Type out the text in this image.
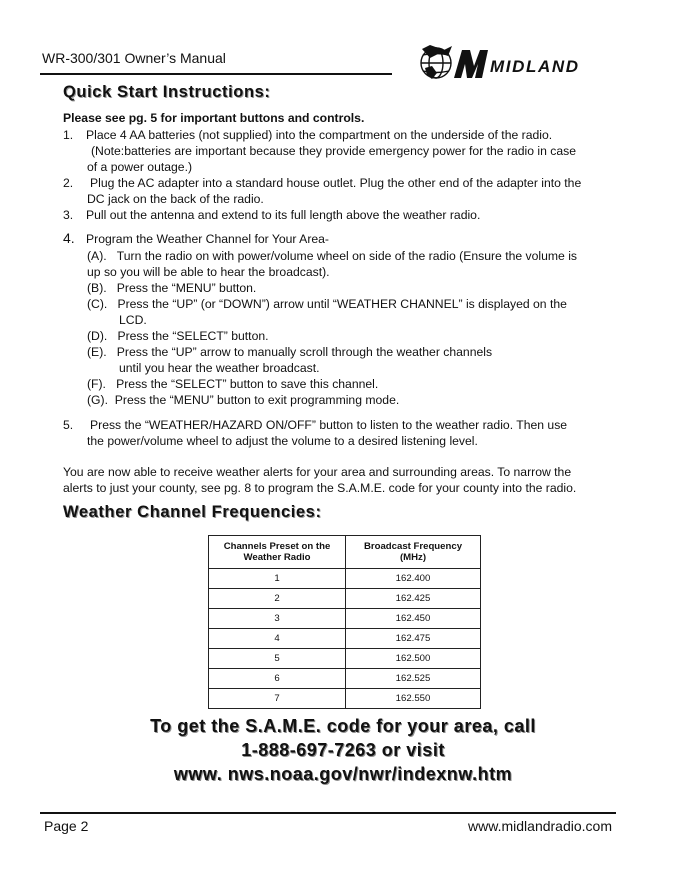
WR-300/301 Owner’s Manual	MIDLAND
Quick Start Instructions:
Please see pg. 5 for important buttons and controls.
1. Place 4 AA batteries (not supplied) into the compartment on the underside of the radio.
(Note:batteries are important because they provide emergency power for the radio in case
of a power outage.)
2. Plug the AC adapter into a standard house outlet. Plug the other end of the adapter into the
DC jack on the back of the radio.
3. Pull out the antenna and extend to its full length above the weather radio.
4. Program the Weather Channel for Your Area-
(A).   Turn the radio on with power/volume wheel on side of the radio (Ensure the volume is
up so you will be able to hear the broadcast).
(B).   Press the “MENU” button.
(C).   Press the “UP” (or “DOWN”) arrow until “WEATHER CHANNEL” is displayed on the
LCD.
(D).   Press the “SELECT” button.
(E).   Press the “UP” arrow to manually scroll through the weather channels
until you hear the weather broadcast.
(F).   Press the “SELECT” button to save this channel.
(G).  Press the “MENU” button to exit programming mode.
5. Press the “WEATHER/HAZARD ON/OFF” button to listen to the weather radio. Then use
the power/volume wheel to adjust the volume to a desired listening level.
You are now able to receive weather alerts for your area and surrounding areas. To narrow the
alerts to just your county, see pg. 8 to program the S.A.M.E. code for your county into the radio.
Weather Channel Frequencies:
Channels Preset on the
Weather Radio	Broadcast Frequency
(MHz)
1	162.400
2	162.425
3	162.450
4	162.475
5	162.500
6	162.525
7	162.550
To get the S.A.M.E. code for your area, call
1-888-697-7263 or visit
www. nws.noaa.gov/nwr/indexnw.htm
Page 2	www.midlandradio.com
